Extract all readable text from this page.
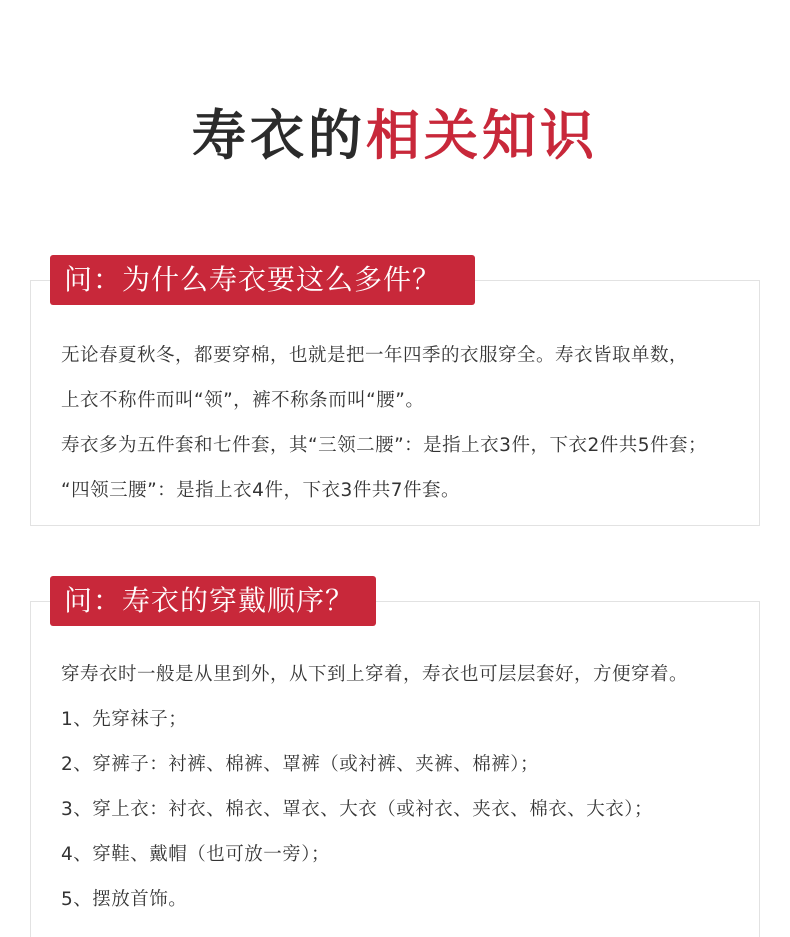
寿衣的相关知识

无论春夏秋冬，都要穿棉，也就是把一年四季的衣服穿全。寿衣皆取单数，

上衣不称件而叫“领”，裤不称条而叫“腰”。

寿衣多为五件套和七件套，其“三领二腰”：是指上衣3件，下衣2件共5件套；

“四领三腰”：是指上衣4件，下衣3件共7件套。

问：为什么寿衣要这么多件？

穿寿衣时一般是从里到外，从下到上穿着，寿衣也可层层套好，方便穿着。

1、先穿袜子；

2、穿裤子：衬裤、棉裤、罩裤（或衬裤、夹裤、棉裤）；

3、穿上衣：衬衣、棉衣、罩衣、大衣（或衬衣、夹衣、棉衣、大衣）；

4、穿鞋、戴帽（也可放一旁）；

5、摆放首饰。

问：寿衣的穿戴顺序？
